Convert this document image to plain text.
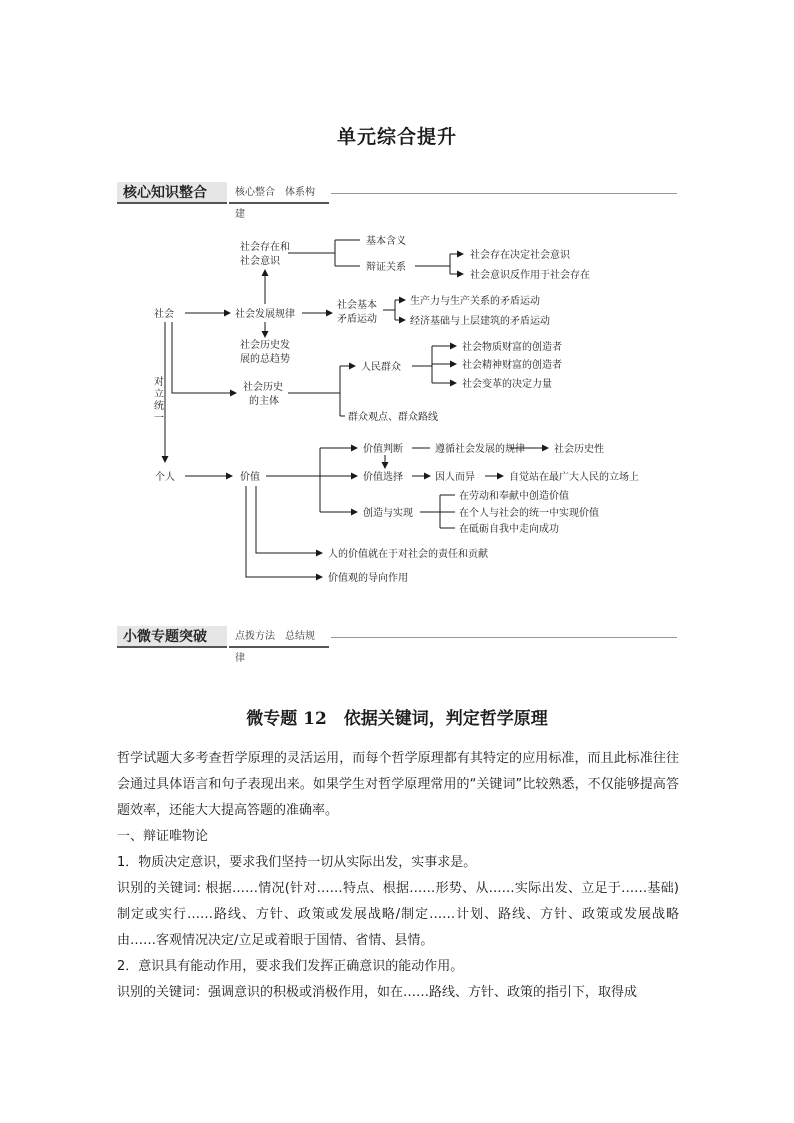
单元综合提升
核心知识整合	核心整合　体系构建
社会
个人
对
立
统
一
社会存在和
社会意识
基本含义
辩证关系
社会存在决定社会意识
社会意识反作用于社会存在
社会发展规律
社会基本
矛盾运动
生产力与生产关系的矛盾运动
经济基础与上层建筑的矛盾运动
社会历史发
展的总趋势
社会历史
的主体
人民群众
社会物质财富的创造者
社会精神财富的创造者
社会变革的决定力量
群众观点、群众路线
价值
价值判断	遵循社会发展的规律	社会历史性
价值选择	因人而异	自觉站在最广大人民的立场上
创造与实现
在劳动和奉献中创造价值
在个人与社会的统一中实现价值
在砥砺自我中走向成功
人的价值就在于对社会的责任和贡献
价值观的导向作用
小微专题突破	点拨方法　总结规律
微专题 12　依据关键词，判定哲学原理

哲学试题大多考查哲学原理的灵活运用，而每个哲学原理都有其特定的应用标准，而且此标准往往会通过具体语言和句子表现出来。如果学生对哲学原理常用的“关键词”比较熟悉，不仅能够提高答题效率，还能大大提高答题的准确率。

一、辩证唯物论

1．物质决定意识，要求我们坚持一切从实际出发，实事求是。

识别的关键词: 根据……情况(针对……特点、根据……形势、从……实际出发、立足于……基础)制定或实行……路线、方针、政策或发展战略/制定……计划、路线、方针、政策或发展战略由……客观情况决定/立足或着眼于国情、省情、县情。

2．意识具有能动作用，要求我们发挥正确意识的能动作用。

识别的关键词：强调意识的积极或消极作用，如在……路线、方针、政策的指引下，取得成
